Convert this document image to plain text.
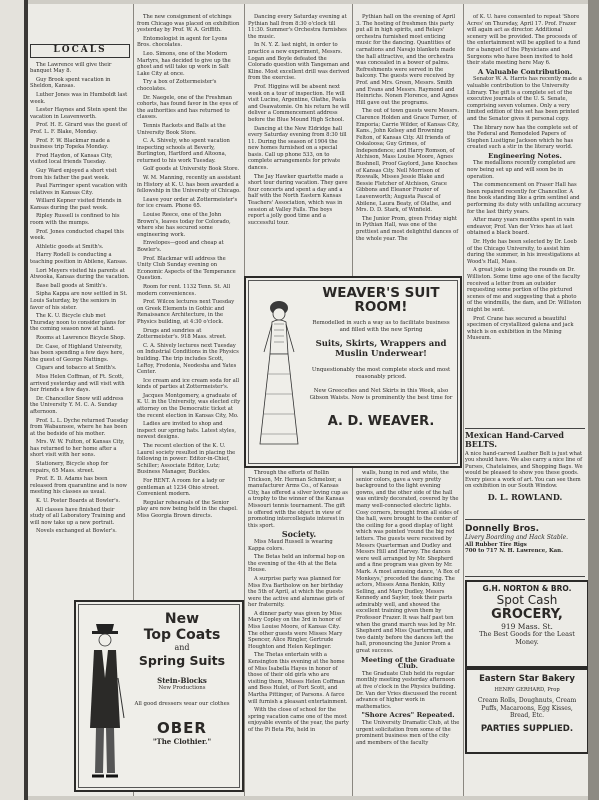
LOCALS
The Lawrence will give their banquet May 8.
Guy Brook spent vacation in Sheldon, Kansas.
Luther Jones was in Humboldt last week.
Lester Haynes and Stein spent the vacation in Leavenworth.
Prof. H. E. Girard was the guest of Prof. L. F. Blake, Monday.
Prof. F. W. Blackmar made a business trip Topeka Monday.
Fred Haydon, of Kansas City, visited local friends Tuesday.
Guy Ward enjoyed a short visit from his father the past week.
Paul Farringer spent vacation with relatives in Kansas City.
Willard Kepner visited friends in Kansas during the past week.
Ripley Russell is confined to his room with the mumps.
Prof. Jones conducted chapel this week.
Athletic goods at Smith's.
Harry Rodell is conducting a teaching position in Abilene, Kansas.
Lori Meyers visited his parents at Atwooka, Kansas during the vacation.
Base ball goods at Smith's.
Sipha Kappa are now settled in St. Louis Saturday, by the seniors in favor of his sister.
The K. U. Bicycle club met Thursday noon to consider plans for the coming season now at hand.
Rooms at Lawrence Bicycle Shop.
Dr. Case, of Highland University, has been spending a few days here, the guest of George Nattings.
Cigars and tobacco at Smith's.
Miss Helen Coffman, of Ft. Scott, arrived yesterday and will visit with her friends a few days.
Dr. Chancellor Snow will address the University Y. M. C. A. Sunday afternoon.
Prof. L. L. Dyche returned Tuesday from Wabaunsee, where he has been at the bedside of his mother.
Mrs. W. W. Fulton, of Kansas City, has returned to her home after a short visit with her sons.
Stationery, Bicycle shop for repairs, 65 Mass. street.
Prof. E. D. Adams has been released from quarantine and is now meeting his classes as usual.
K. U. Poster Boards at Bowler's.
All classes have finished their study of all Laboratory Training and will now take up a new portrait.
Novels exchanged at Bowler's.
The new consignment of etchings from Chicago was placed on exhibition yesterday by Prof. W. A. Griffith.
Entomologist in agent for Lyons Bros. chocolates.
Leo. Simons, one of the Modern Martyrs, has decided to give up the ghost and will take up work in Salt Lake City at once.
Try a box of Zottermeister's chocolates.
Dr. Naegele, one of the Freshman cohorts, has found favor in the eyes of the authorities and has returned to classes.
Tennis Rackets and Balls at the University Book Store.
C. A. Shively, who spent vacation inspecting schools at Beverly, Burlington, Hartford and Altoona, returned to his work Tuesday.
Golf goods at University Book Store.
W. M. Manning, recently an assistant in History at K. U. has been awarded a fellowship in the University of Chicago.
Leave your order at Zottermeister's for ice cream. Phone 65.
Louise Reece, one of the John Brown's, leaves today for Colorado, where she has secured some engineering work.
Envelopes—good and cheap at Bowler's.
Prof. Blackmar will address the Unity Club Sunday evening on Economic Aspects of the Temperance Question.
Room for rent. 1132 Tenn. St. All modern conveniences.
Prof. Wilcox lectures next Tuesday on Greek Elements in Gothic and Renaissance Architecture, in the Physics building, at 4:30 o'clock.
Drugs and sundries at Zottermeister's. 918 Mass. street.
C. A. Shively lectures next Tuesday on Industrial Conditions in the Physics building. The trip includes Scott, LeRoy, Fredonia, Neodesha and Yates Center.
Ice cream and ice cream soda for all kinds of parties at Zottermeister's.
Jacques Montgomery, a graduate of K. U. in the University, was elected city attorney on the Democratic ticket at the recent election in Kansas City, Mo.
Ladies are invited to shop and inspect our spring hats. Latest styles, newest designs.
The recent election of the K. U. Laurel society resulted in placing the following in power: Editor-in-Chief, Schiller; Associate Editor, Lutz; Business Manager, Buckles.
For RENT. A room for a lady or gentleman at 1234 Ohio street. Convenient modern.
Regular rehearsals of the Senior play are now being held in the chapel. Miss Georgia Brown directs.
Dancing every Saturday evening at Pythian hall from 8:30 o'clock till 11:30. Summer's Orchestra furnishes the music.
In N. Y. Z. last night, in order to practice a new experiment, Messrs. Logan and Boyle defeated the Colorado question with Tangeman and Kline. Most excellent drill was derived from the exercise.
Prof. Higgins will be absent next week on a tour of inspection. He will visit Lucine, Argentine, Olathe, Paola and Osawatomie. On his return he will deliver a Commencement address before the Blue Mound High School.
Dancing at the New Eldridge hall every Saturday evening from 8:30 till 11. During the season of 1904 the new homes furnished on a special basis. Call up phone 533, on to complete arrangements for private dances.
The Jay Hawker quartette made a short tour during vacation. They gave four concerts and spent a day and a half with the North Eastern Kansas Teachers' Association, which was in session at Valley Falls. The boys report a jolly good time and a successful tour.
Pythian hall on the evening of April 3. The hosting of freshmen this party put all in high spirits, and Relays' orchestra furnished most enticing music for the dancing. Quantities of carnations and Navajo blankets made the hall attractive, and the orchestra was concealed in a bower of palms. Refreshments were served in the balcony. The guests were received by Prof. and Mrs. Green, Messrs. Smith and Evans and Messrs. Raymond and Heinrichs. Nonen Florence, and Agnes Hill gave out the programs.
The out of town guests were Messrs. Clarence Holden and Grace Turner, of Emporia; Carrie Wilder, of Kansas City, Kans., John Kelsey and Browning Felton, of Kansas City. All friends of Oskaloosa; Guy Grimes, of Independence; and Harry Romson, of Atchison, Mass Louise Moore, Agnes Bushnell, Proof Gaylord, Jane Knoches of Kansas City. Nell Morrison of Roswalk, Misses Jessie Blake and Bessie Fletcher of Atchison, Grace Gibbons and Eleanor Frazier of Leavenworth; Augusta Pascal of Abilene, Laura Beaty, of Olathe, and Mrs. D. D. Stark, of Winfield.
The Junior Prom, given Friday night in Pythian Hall, was one of the prettiest and most delightful dances of the whole year. The
WEAVER'S SUIT ROOM!
Remodelled in such a way as to facilitate business and filled with the new Spring
Suits, Skirts, Wrappers and Muslin Underwear!
Unquestionably the most complete stock and most reasonably priced.
New Greecefies and Net Skirts in this Week, also Gibson Waists. Now is prominently the best time for
A. D. WEAVER.
Through the efforts of Rollin Trickson, Mr. Herman Schmelzer, a manufacturer Arms Co., of Kansas City, has offered a silver loving cup as a trophy to the winner of the Kansas Missouri tennis tournament. The gift is offered with the object in view of promoting intercollegiate interest in this sport.
Society.
Miss Maud Russell is wearing Kappa colors.
The Betas held an informal hop on the evening of the 4th at the Beta House.
A surprise party was planned for Miss Eva Bartholow on her birthday the 5th of April, at which the guests were the active and alumnae girls of her fraternity.
A dinner party was given by Miss Mary Copley on the 3rd in honor of Miss Louise Moore, of Kansas City. The other guests were Misses Mary Spencer, Alice Ringler, Gertrude Houghton and Helen Keplinger.
The Thetas entertain with a Kensington this evening at the home of Miss Isabella Hayes in honor of those of their old girls who are visiting them, Misses Helen Coffman and Bess Hulet, of Fort Scott, and Martha Pittinger, of Parsons. A farce will furnish a pleasant entertainment.
With the close of school for the spring vacation came one of the most enjoyable events of the year, the party of the Pi Beta Phi, held in
walls, hung in red and white, the senior colors, gave a very pretty background to the light evening gowns, and the other side of the hall was entirely decorated, covered by the many well-connected electric lights. Cosy corners, brought from all sides of the hall, were brought to the center of the ceiling for a good display of light which was pointed 'round the big red letters. The guests were received by Messrs Quarterman and Dudley and Messrs Hill and Harvey. The dances were well arranged by Mr. Shepherd and a fine program was given by Mr. Mark. A most amusing dance, 'A Box of Monkeys,' preceded the dancing. The actors, Misses Anna Renkin, Kitty Selling, and Mary Dudley, Messrs Kennedy and Sayler, took their parts admirably well, and showed the excellent training given them by Professor Frazer. It was half past ten when the grand march was led by Mr. Shepherd and Miss Quarterman, and two dainty before the dances left the hall, pronouncing the Junior Prom a great success.
Meeting of the Graduate Club.
The Graduate Club held its regular monthly meeting yesterday afternoon at five o'clock in the Physics building. Dr. Van der Vries discussed the recent advance of higher work in mathematics.
"Shore Acres" Repeated.
The University Dramatic Club, at the urgent solicitation from some of the prominent business men of the city and members of the faculty
New
Top Coats
and
Spring Suits
Stein-Blocks
New Productions
All good dressers wear our clothes
OBER
"The Clothier."
of K. U. have consented to repeat 'Shore Acres' on Thursday, April 17. Prof. Frazer will again act as director. Additional scenery will be provided. The proceeds of the entertainment will be applied to a fund for a banquet of the Physicians and Surgeons who have been invited to hold their state meeting here May 6.
A Valuable Contribution.
Senator W. A. Harris has recently made a valuable contribution to the University Library. The gift is a complete set of the executive journals of the U. S. Senate, comprising seven volumes. Only a very limited edition of this set has been printed and the Senator gives it personal copy.
The library now has the complete set of the Federal and Remodeled Papers of Stephen Lusitigne Jackson which he has created such a stir in the literary world.
Engineering Notes.
The medallions recently completed are now being set up and will soon be in operation.
The commencement on Fraser Hall has been repaired recently for Chancellor. A fine book standing like a grim sentinel and performing its duty with unfailing accuracy for the last thirty years.
After many years months spent in vain endeavor, Prof. Van der Vries has at last obtained a black board.
Dr. Hyde has been selected by Dr. Loeb of the Chicago University, to assist him during the summer, in his investigations at Wood's Hall, Mass.
A great joke is going the rounds on Dr. Williston. Some time ago one of the faculty received a letter from an outsider requesting some portion of the pictured scenes of me and suggesting that a photo of the windmills, the dam, and Dr. Williston might be sent.
Prof. Crane has secured a beautiful specimen of crystallized galena and jack which is on exhibition in the Mining Museum.
Mexican Hand-Carved BELTS.
A nice hand-carved Leather Belt is just what you should have. We also carry a nice line of Purses, Chatelaines, and Shopping Bags. We would be pleased to show you these goods. Every piece a work of art. You can see them on exhibition in our South Window.
D. L. ROWLAND.
Donnelly Bros.
Livery Boarding and Hack Stable.
All Rubber Tire Rigs
700 to 717 N. H. Lawrence, Kan.
G.H. NORTON & BRO.
Spot Cash
GROCERY,
919 Mass. St.
The Best Goods for the Least Money.
Eastern Star Bakery
HENRY GERHARD, Prop
Cream Rolls, Doughnuts, Cream Puffs, Macaroons, Egg Kisses, Bread, Etc.
PARTIES SUPPLIED.
